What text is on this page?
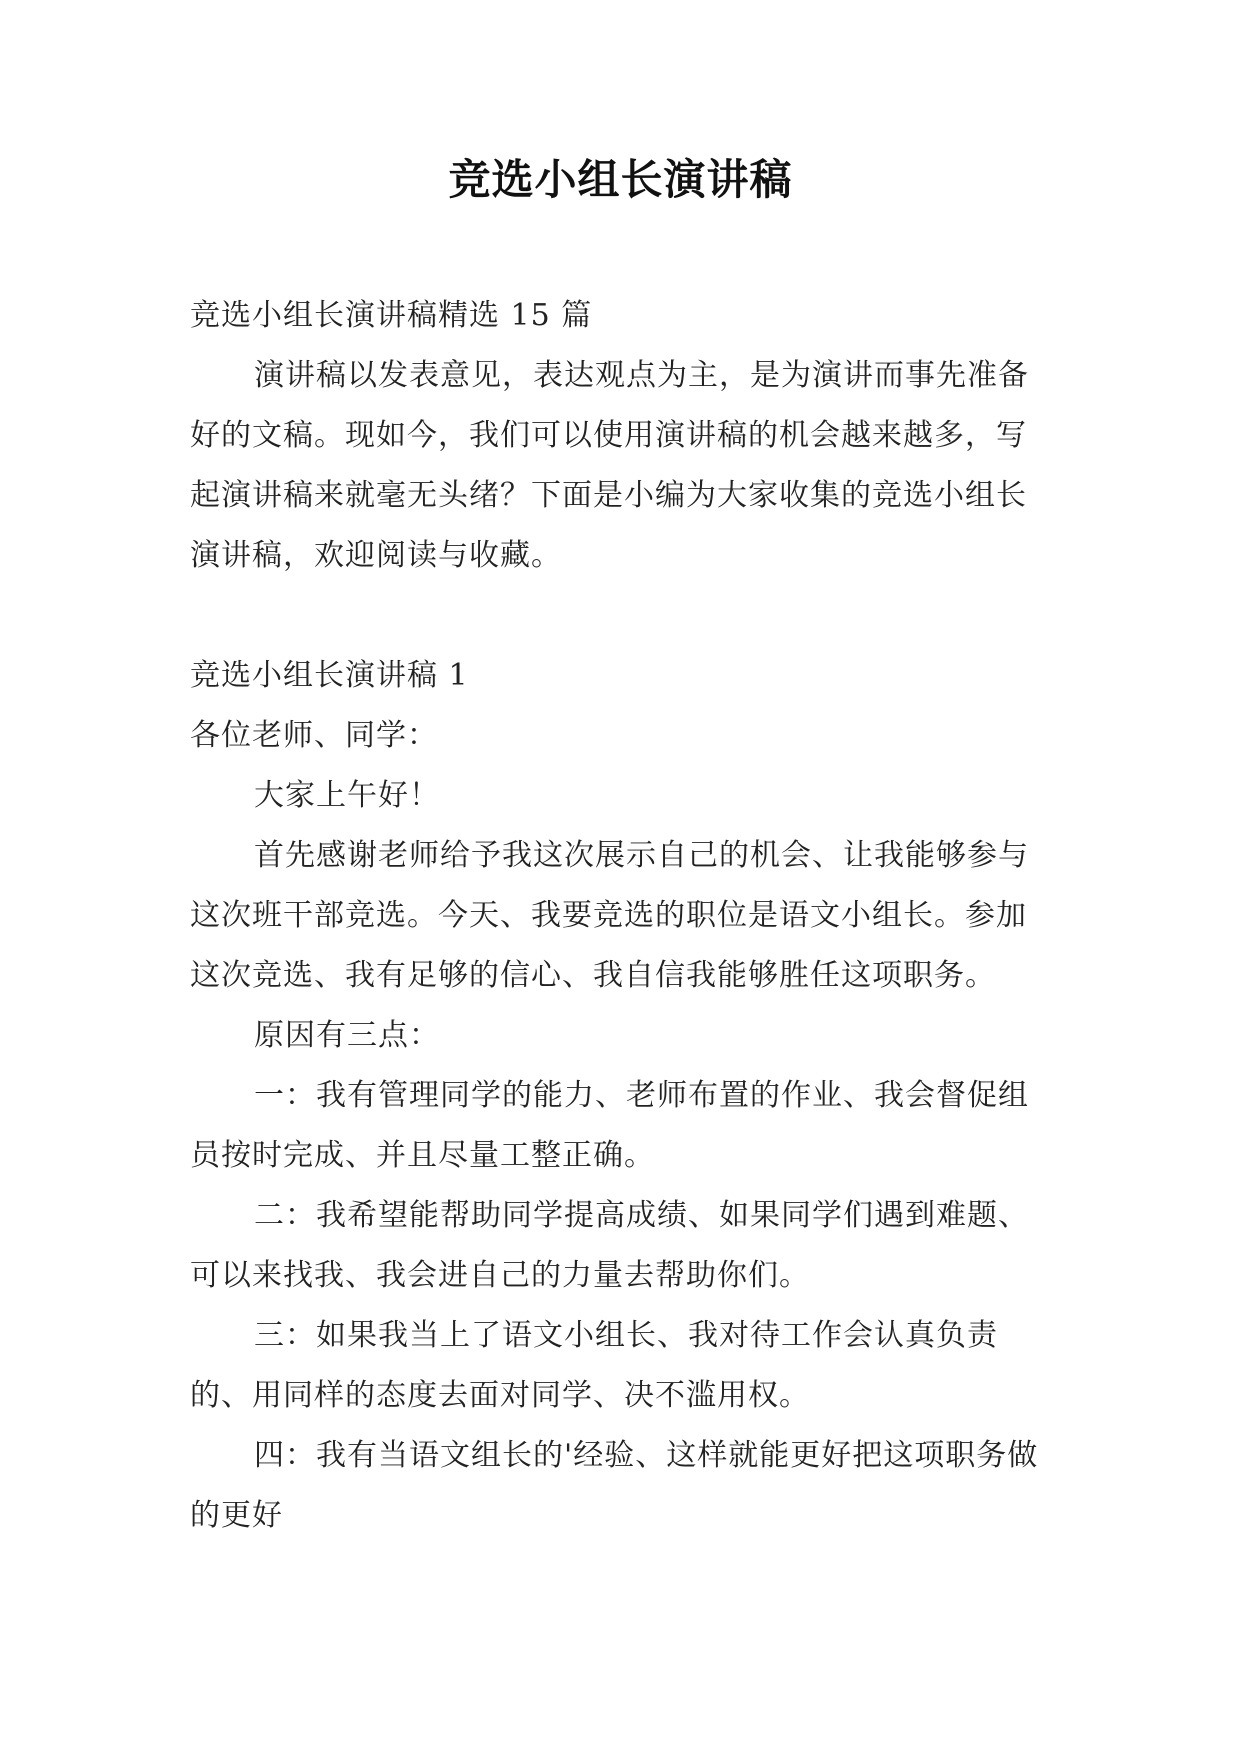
竞选小组长演讲稿

竞选小组长演讲稿精选 15 篇

演讲稿以发表意见，表达观点为主，是为演讲而事先准备好的文稿。现如今，我们可以使用演讲稿的机会越来越多，写起演讲稿来就毫无头绪？下面是小编为大家收集的竞选小组长演讲稿，欢迎阅读与收藏。

竞选小组长演讲稿 1

各位老师、同学：

大家上午好！

首先感谢老师给予我这次展示自己的机会、让我能够参与这次班干部竞选。今天、我要竞选的职位是语文小组长。参加这次竞选、我有足够的信心、我自信我能够胜任这项职务。

原因有三点：

一：我有管理同学的能力、老师布置的作业、我会督促组员按时完成、并且尽量工整正确。

二：我希望能帮助同学提高成绩、如果同学们遇到难题、可以来找我、我会进自己的力量去帮助你们。

三：如果我当上了语文小组长、我对待工作会认真负责的、用同样的态度去面对同学、决不滥用权。

四：我有当语文组长的'经验、这样就能更好把这项职务做的更好
